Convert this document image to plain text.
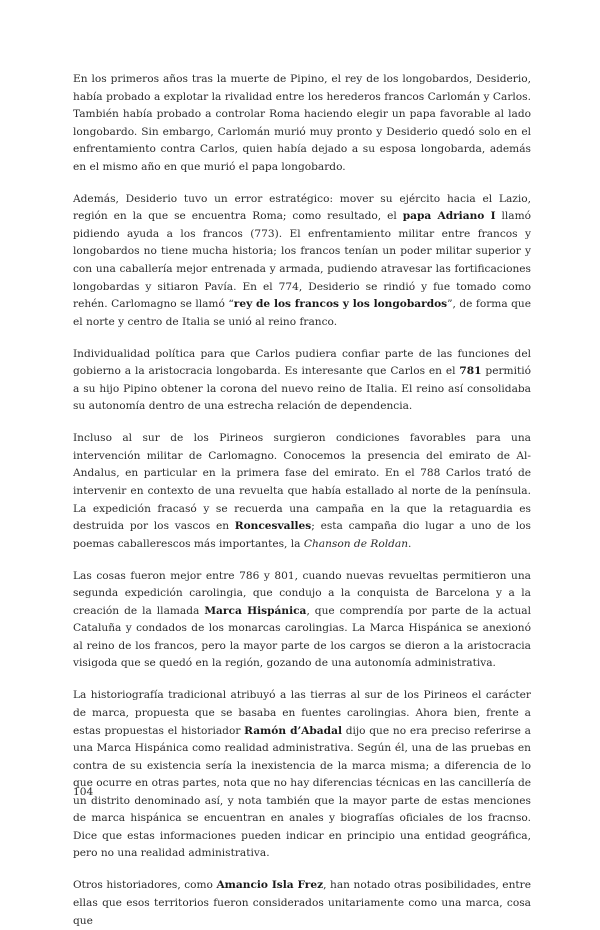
En los primeros años tras la muerte de Pipino, el rey de los longobardos, Desiderio, había probado a explotar la rivalidad entre los herederos francos Carlomán y Carlos. También había probado a controlar Roma haciendo elegir un papa favorable al lado longobardo. Sin embargo, Carlomán murió muy pronto y Desiderio quedó solo en el enfrentamiento contra Carlos, quien había dejado a su esposa longobarda, además en el mismo año en que murió el papa longobardo.

Además, Desiderio tuvo un error estratégico: mover su ejército hacia el Lazio, región en la que se encuentra Roma; como resultado, el papa Adriano I llamó pidiendo ayuda a los francos (773). El enfrentamiento militar entre francos y longobardos no tiene mucha historia; los francos tenían un poder militar superior y con una caballería mejor entrenada y armada, pudiendo atravesar las fortificaciones longobardas y sitiaron Pavía. En el 774, Desiderio se rindió y fue tomado como rehén. Carlomagno se llamó “rey de los francos y los longobardos”, de forma que el norte y centro de Italia se unió al reino franco.

Individualidad política para que Carlos pudiera confiar parte de las funciones del gobierno a la aristocracia longobarda. Es interesante que Carlos en el 781 permitió a su hijo Pipino obtener la corona del nuevo reino de Italia. El reino así consolidaba su autonomía dentro de una estrecha relación de dependencia.

Incluso al sur de los Pirineos surgieron condiciones favorables para una intervención militar de Carlomagno. Conocemos la presencia del emirato de Al-Andalus, en particular en la primera fase del emirato. En el 788 Carlos trató de intervenir en contexto de una revuelta que había estallado al norte de la península. La expedición fracasó y se recuerda una campaña en la que la retaguardia es destruida por los vascos en Roncesvalles; esta campaña dio lugar a uno de los poemas caballerescos más importantes, la Chanson de Roldan.

Las cosas fueron mejor entre 786 y 801, cuando nuevas revueltas permitieron una segunda expedición carolingia, que condujo a la conquista de Barcelona y a la creación de la llamada Marca Hispánica, que comprendía por parte de la actual Cataluña y condados de los monarcas carolingias. La Marca Hispánica se anexionó al reino de los francos, pero la mayor parte de los cargos se dieron a la aristocracia visigoda que se quedó en la región, gozando de una autonomía administrativa.

La historiografía tradicional atribuyó a las tierras al sur de los Pirineos el carácter de marca, propuesta que se basaba en fuentes carolingias. Ahora bien, frente a estas propuestas el historiador Ramón d’Abadal dijo que no era preciso referirse a una Marca Hispánica como realidad administrativa. Según él, una de las pruebas en contra de su existencia sería la inexistencia de la marca misma; a diferencia de lo que ocurre en otras partes, nota que no hay diferencias técnicas en las cancillería de un distrito denominado así, y nota también que la mayor parte de estas menciones de marca hispánica se encuentran en anales y biografías oficiales de los fracnso. Dice que estas informaciones pueden indicar en principio una entidad geográfica, pero no una realidad administrativa.

Otros historiadores, como Amancio Isla Frez, han notado otras posibilidades, entre ellas que esos territorios fueron considerados unitariamente como una marca, cosa que

104
